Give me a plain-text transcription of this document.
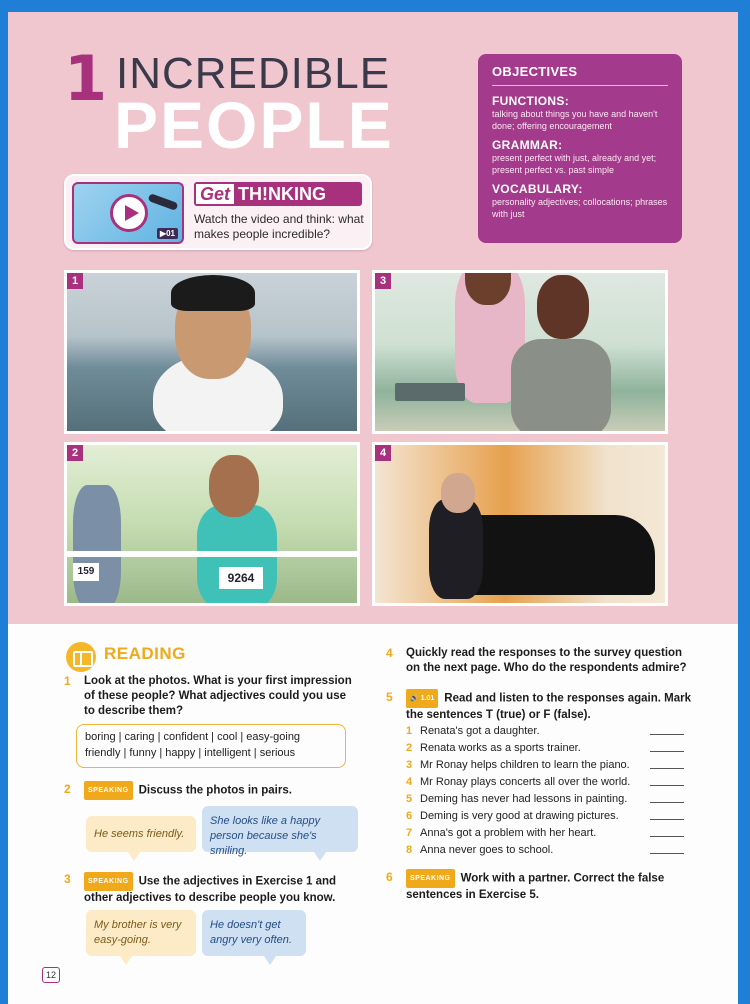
1 INCREDIBLE
PEOPLE
OBJECTIVES
FUNCTIONS:

talking about things you have and haven't done; offering encouragement

GRAMMAR:

present perfect with just, already and yet; present perfect vs. past simple

VOCABULARY:

personality adjectives; collocations; phrases with just

▶01
Get TH!NKING
Watch the video and think: what makes people incredible?
1	3
159	9264
2	4
READING
1 Look at the photos. What is your first impression of these people? What adjectives could you use to describe them?
boring | caring | confident | cool | easy-going
friendly | funny | happy | intelligent | serious
2	SPEAKING Discuss the photos in pairs.
He seems friendly.
She looks like a happy person because she's smiling.
3	SPEAKING Use the adjectives in Exercise 1 and other adjectives to describe people you know.
My brother is very easy-going.
He doesn't get angry very often.
4 Quickly read the responses to the survey question on the next page. Who do the respondents admire?
5	🔊 1.01 Read and listen to the responses again. Mark the sentences T (true) or F (false).
1 Renata's got a daughter.
2 Renata works as a sports trainer.
3 Mr Ronay helps children to learn the piano.
4 Mr Ronay plays concerts all over the world.
5 Deming has never had lessons in painting.
6 Deming is very good at drawing pictures.
7 Anna's got a problem with her heart.
8 Anna never goes to school.
6	SPEAKING Work with a partner. Correct the false sentences in Exercise 5.
12
